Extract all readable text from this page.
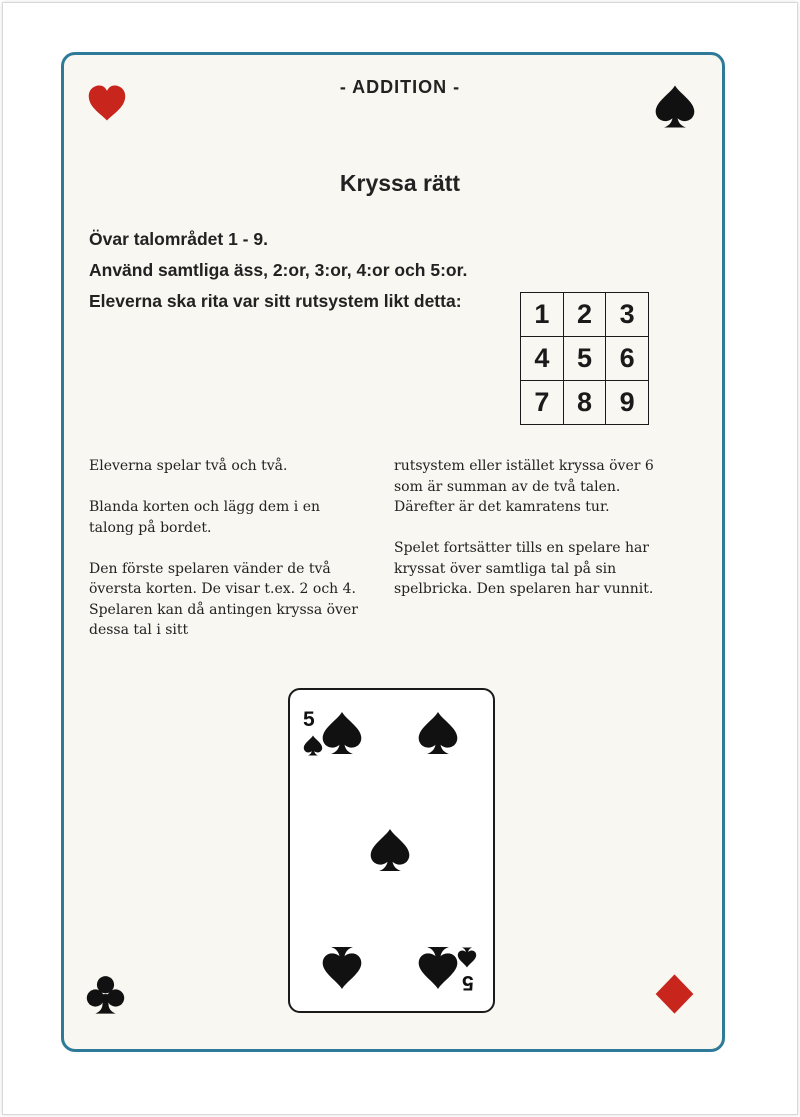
- ADDITION -
Kryssa rätt
Övar talområdet 1 - 9.
Använd samtliga äss, 2:or, 3:or, 4:or och 5:or.
Eleverna ska rita var sitt rutsystem likt detta:	1	2	3
4	5	6
7	8	9

Eleverna spelar två och två.

Blanda korten och lägg dem i en talong på bordet.

Den förste spelaren vänder de två översta korten. De visar t.ex. 2 och 4. Spelaren kan då antingen kryssa över dessa tal i sitt

rutsystem eller istället kryssa över 6 som är summan av de två talen. Därefter är det kamratens tur.

Spelet fortsätter tills en spelare har kryssat över samtliga tal på sin spelbricka. Den spelaren har vunnit.

5
5
